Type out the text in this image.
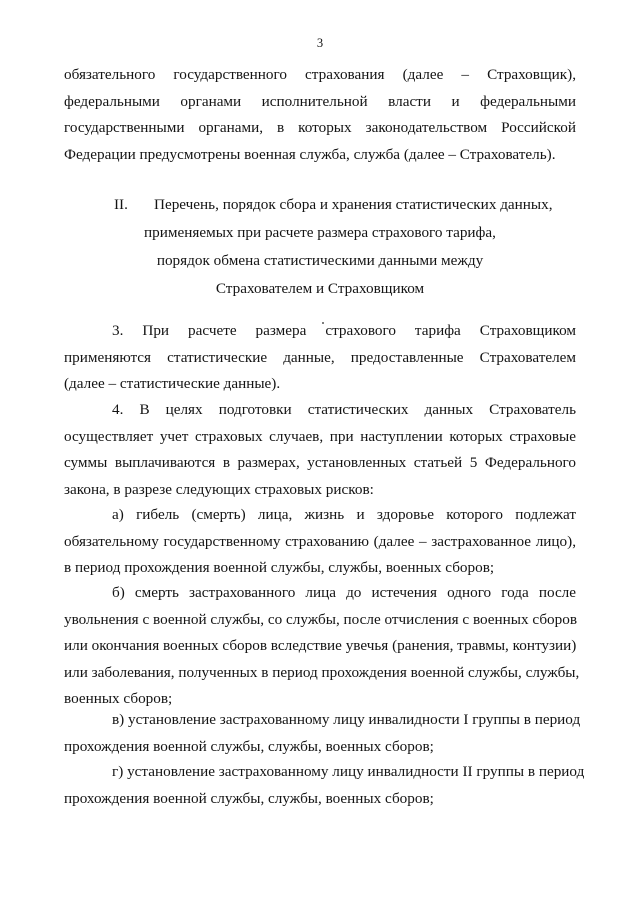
3
обязательного государственного страхования (далее – Страховщик),
федеральными органами исполнительной власти и федеральными
государственными органами, в которых законодательством Российской
Федерации предусмотрены военная служба, служба (далее – Страхователь).
II. Перечень, порядок сбора и хранения статистических данных,
применяемых при расчете размера страхового тарифа,
порядок обмена статистическими данными между
Страхователем и Страховщиком
3. При расчете размера страхового тарифа Страховщиком
применяются статистические данные, предоставленные Страхователем
(далее – статистические данные).
4. В целях подготовки статистических данных Страхователь
осуществляет учет страховых случаев, при наступлении которых страховые
суммы выплачиваются в размерах, установленных статьей 5 Федерального
закона, в разрезе следующих страховых рисков:
а) гибель (смерть) лица, жизнь и здоровье которого подлежат
обязательному государственному страхованию (далее – застрахованное лицо),
в период прохождения военной службы, службы, военных сборов;
б) смерть застрахованного лица до истечения одного года после
увольнения с военной службы, со службы, после отчисления с военных сборов
или окончания военных сборов вследствие увечья (ранения, травмы, контузии)
или заболевания, полученных в период прохождения военной службы, службы,
военных сборов;
в) установление застрахованному лицу инвалидности I группы в период
прохождения военной службы, службы, военных сборов;
г) установление застрахованному лицу инвалидности II группы в период
прохождения военной службы, службы, военных сборов;
